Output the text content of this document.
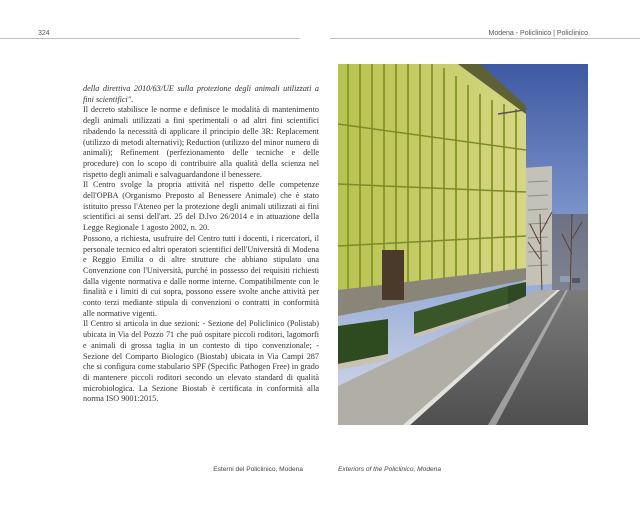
324	Modena - Policlinico | Policlinico

della direttiva 2010/63/UE sulla protezione degli animali utilizzati a fini scientifici".

Il decreto stabilisce le norme e definisce le modalità di mantenimento degli animali utilizzati a fini sperimentali o ad altri fini scientifici ribadendo la necessità di applicare il principio delle 3R: Replacement (utilizzo di metodi alternativi); Reduction (utilizzo del minor numero di animali); Refinement (perfezionamento delle tecniche e delle procedure) con lo scopo di contribuire alla qualità della scienza nel rispetto degli animali e salvaguardandone il benessere.

Il Centro svolge la propria attività nel rispetto delle competenze dell'OPBA (Organismo Preposto al Benessere Animale) che è stato istituito presso l'Ateneo per la protezione degli animali utilizzati ai fini scientifici ai sensi dell'art. 25 del D.lvo 26/2014 e in attuazione della Legge Regionale 1 agosto 2002, n. 20.

Possono, a richiesta, usufruire del Centro tutti i docenti, i ricercatori, il personale tecnico ed altri operatori scientifici dell'Università di Modena e Reggio Emilia o di altre strutture che abbiano stipulato una Convenzione con l'Università, purché in possesso dei requisiti richiesti dalla vigente normativa e dalle norme interne. Compatibilmente con le finalità e i limiti di cui sopra, possono essere svolte anche attività per conto terzi mediante stipula di convenzioni o contratti in conformità alle normative vigenti.

Il Centro si articola in due sezioni: - Sezione del Policlinico (Polistab) ubicata in Via del Pozzo 71 che può ospitare piccoli roditori, lagomorfi e animali di grossa taglia in un contesto di tipo convenzionale; - Sezione del Comparto Biologico (Biostab) ubicata in Via Campi 287 che si configura come stabulario SPF (Specific Pathogen Free) in grado di mantenere piccoli roditori secondo un elevato standard di qualità microbiologica. La Sezione Biostab è certificata in conformità alla norma ISO 9001:2015.

Esterni del Policlinico, Modena	Exteriors of the Policlinico, Modena
